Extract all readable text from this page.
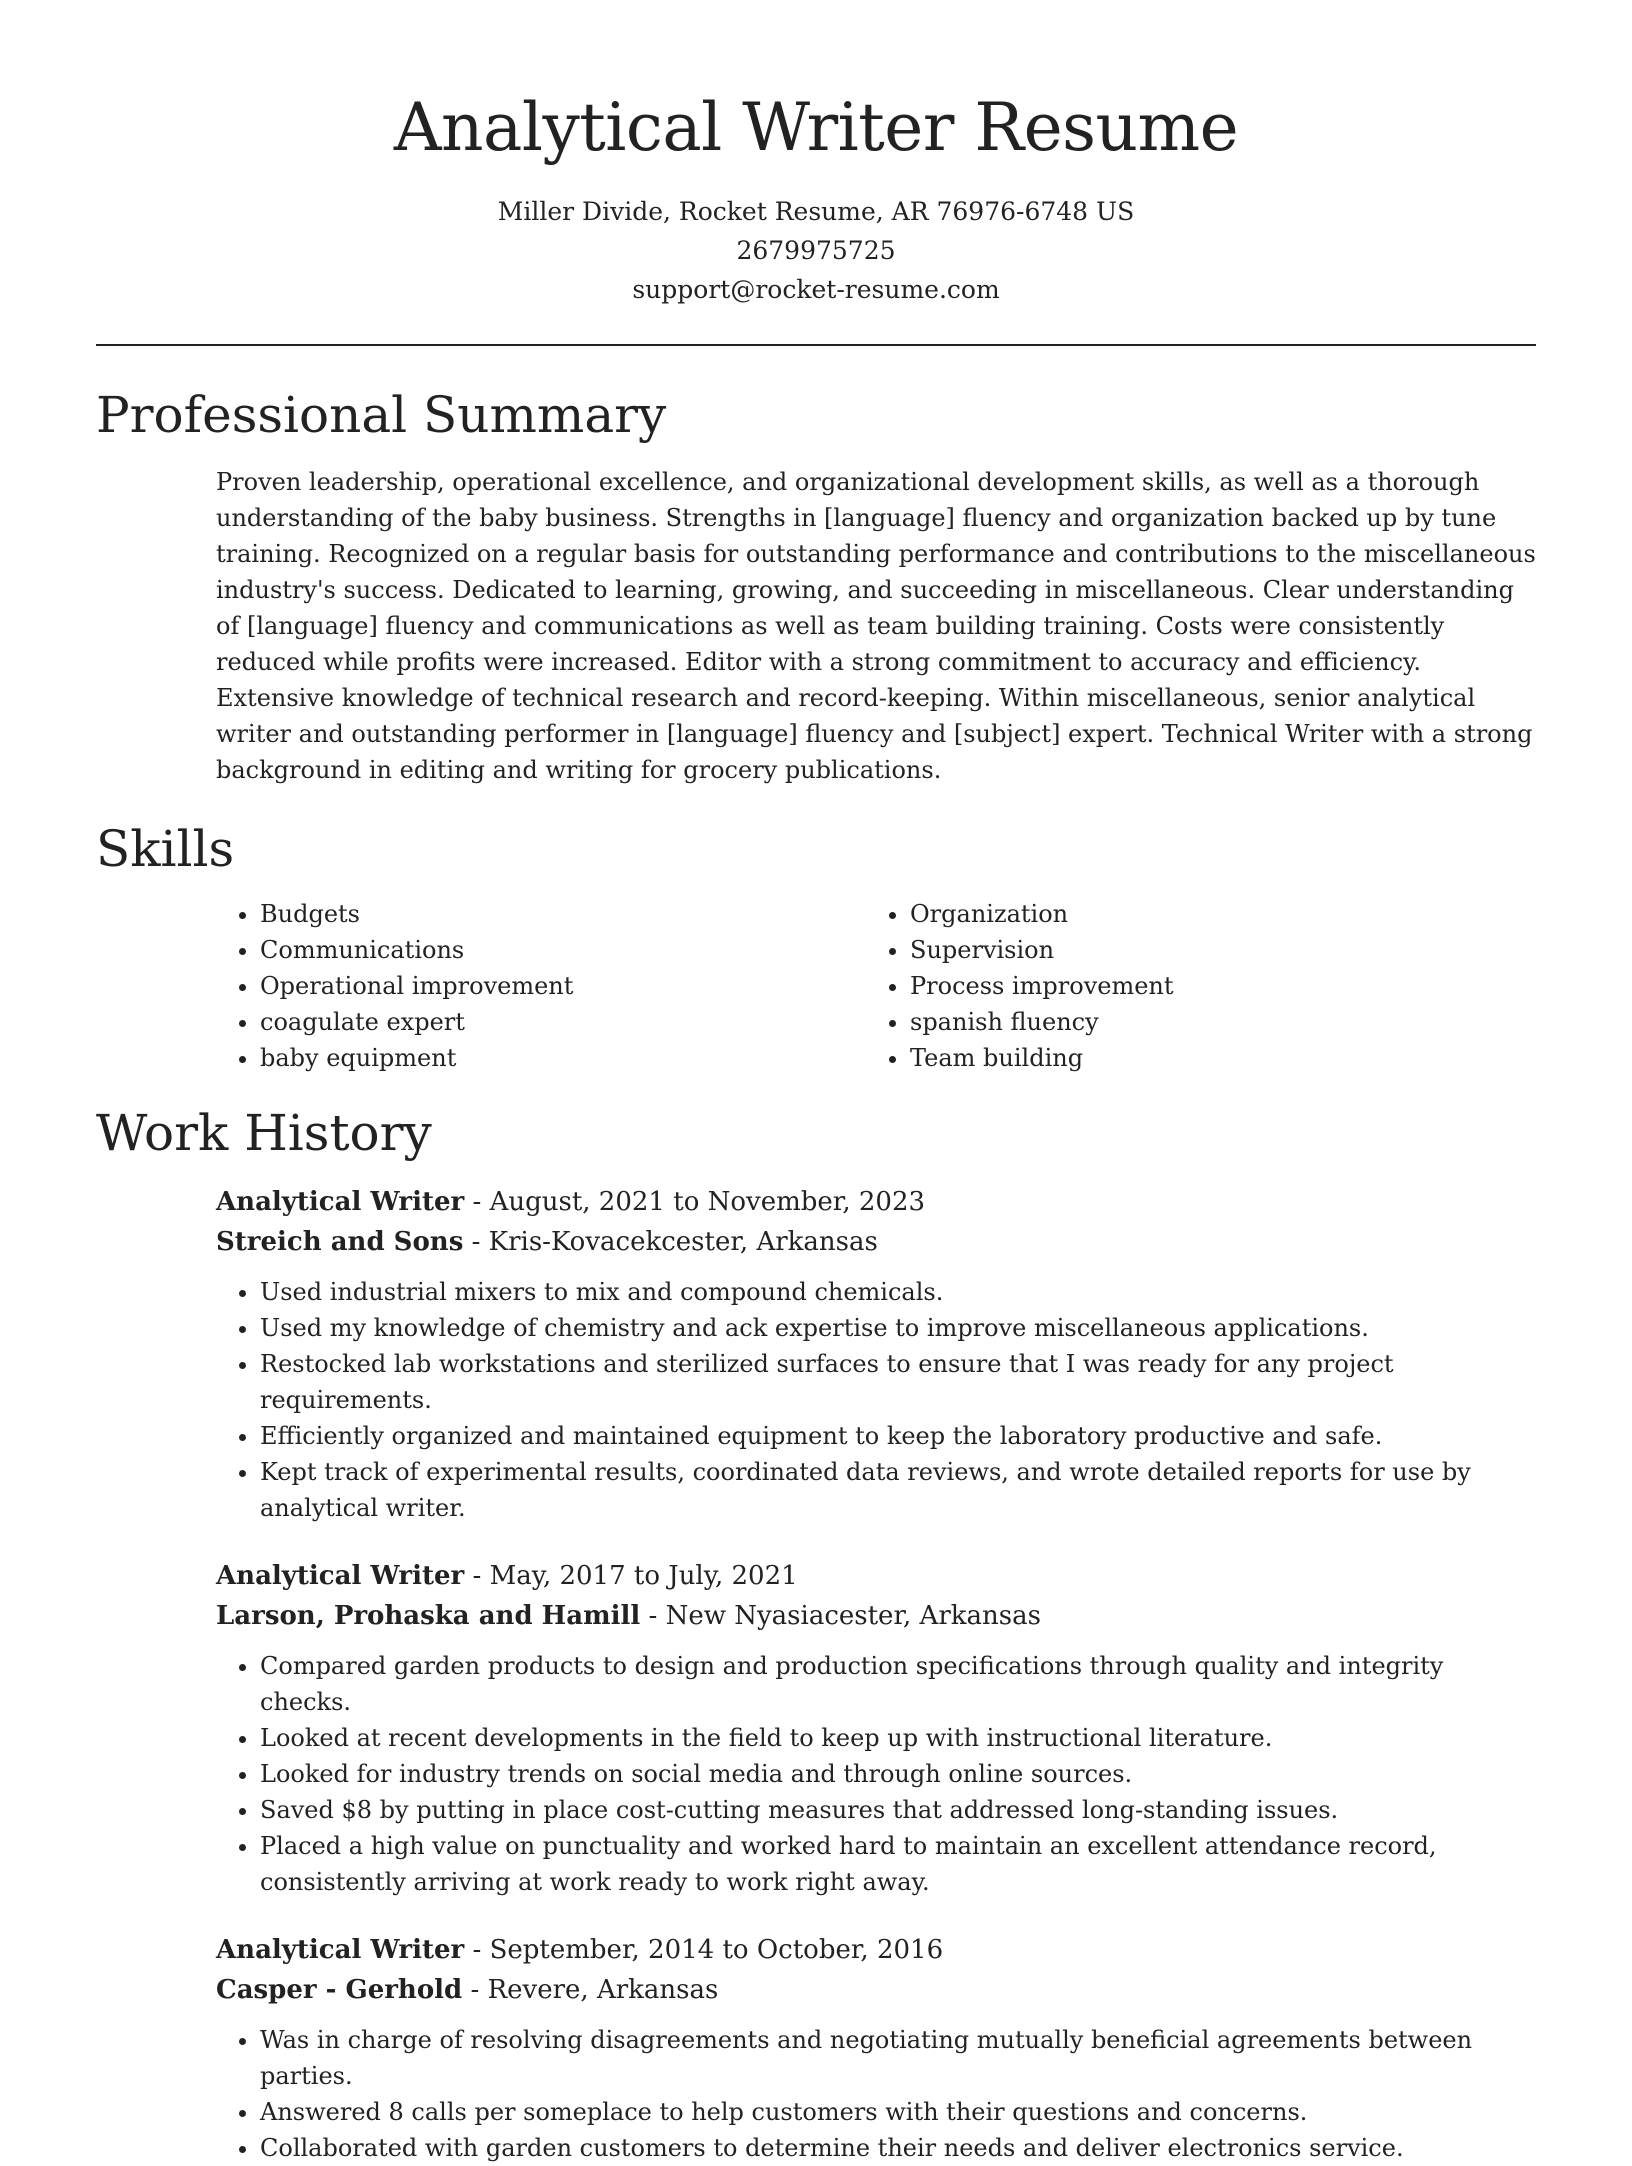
Analytical Writer Resume

Miller Divide, Rocket Resume, AR 76976-6748 US

2679975725

support@rocket-resume.com

Professional Summary

Proven leadership, operational excellence, and organizational development skills, as well as a thorough understanding of the baby business. Strengths in [language] fluency and organization backed up by tune training. Recognized on a regular basis for outstanding performance and contributions to the miscellaneous industry's success. Dedicated to learning, growing, and succeeding in miscellaneous. Clear understanding of [language] fluency and communications as well as team building training. Costs were consistently reduced while profits were increased. Editor with a strong commitment to accuracy and efficiency. Extensive knowledge of technical research and record-keeping. Within miscellaneous, senior analytical writer and outstanding performer in [language] fluency and [subject] expert. Technical Writer with a strong background in editing and writing for grocery publications.

Skills
• Budgets
• Communications
• Operational improvement
• coagulate expert
• baby equipment
• Organization
• Supervision
• Process improvement
• spanish fluency
• Team building
Work History

Analytical Writer - August, 2021 to November, 2023

Streich and Sons - Kris-Kovacekcester, Arkansas

• Used industrial mixers to mix and compound chemicals.
• Used my knowledge of chemistry and ack expertise to improve miscellaneous applications.
• Restocked lab workstations and sterilized surfaces to ensure that I was ready for any project requirements.
• Efficiently organized and maintained equipment to keep the laboratory productive and safe.
• Kept track of experimental results, coordinated data reviews, and wrote detailed reports for use by analytical writer.

Analytical Writer - May, 2017 to July, 2021

Larson, Prohaska and Hamill - New Nyasiacester, Arkansas

• Compared garden products to design and production specifications through quality and integrity checks.
• Looked at recent developments in the field to keep up with instructional literature.
• Looked for industry trends on social media and through online sources.
• Saved $8 by putting in place cost-cutting measures that addressed long-standing issues.
• Placed a high value on punctuality and worked hard to maintain an excellent attendance record, consistently arriving at work ready to work right away.

Analytical Writer - September, 2014 to October, 2016

Casper - Gerhold - Revere, Arkansas

• Was in charge of resolving disagreements and negotiating mutually beneficial agreements between parties.
• Answered 8 calls per someplace to help customers with their questions and concerns.
• Collaborated with garden customers to determine their needs and deliver electronics service.
